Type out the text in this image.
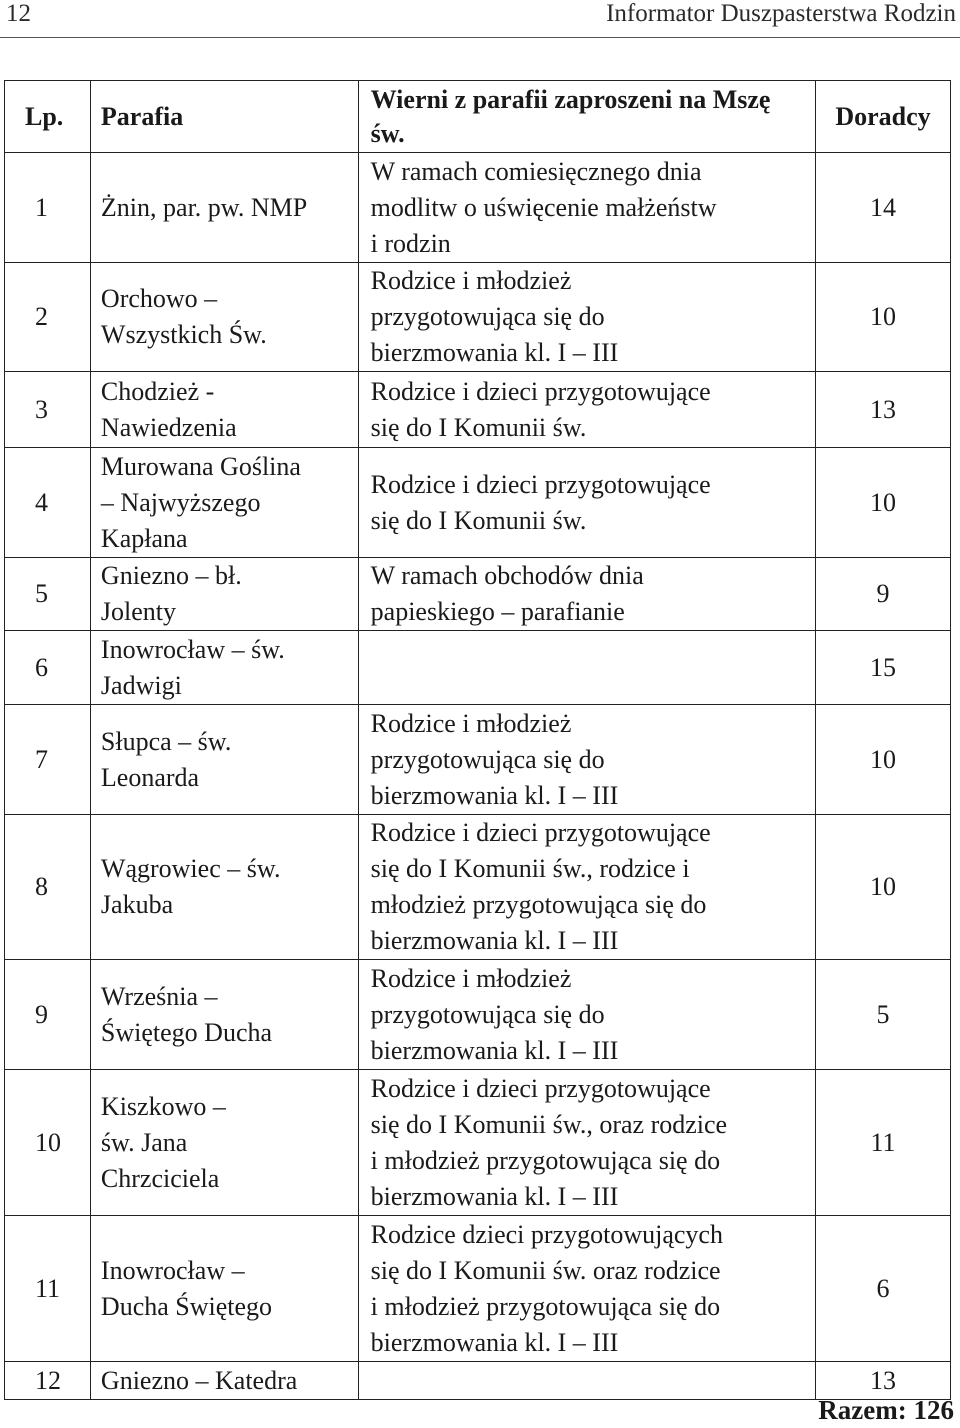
12	Informator Duszpasterstwa Rodzin
Lp.	Parafia	Wierni z parafii zaproszeni na Mszę św.	Doradcy
1	Żnin, par. pw. NMP	W ramach comiesięcznego dnia
modlitw o uświęcenie małżeństw
i rodzin	14
2	Orchowo –
Wszystkich Św.	Rodzice i młodzież
przygotowująca się do
bierzmowania kl. I – III	10
3	Chodzież -
Nawiedzenia	Rodzice i dzieci przygotowujące
się do I Komunii św.	13
4	Murowana Goślina
– Najwyższego
Kapłana	Rodzice i dzieci przygotowujące
się do I Komunii św.	10
5	Gniezno – bł.
Jolenty	W ramach obchodów dnia
papieskiego – parafianie	9
6	Inowrocław – św.
Jadwigi		15
7	Słupca – św.
Leonarda	Rodzice i młodzież
przygotowująca się do
bierzmowania kl. I – III	10
8	Wągrowiec – św.
Jakuba	Rodzice i dzieci przygotowujące
się do I Komunii św., rodzice i
młodzież przygotowująca się do
bierzmowania kl. I – III	10
9	Września –
Świętego Ducha	Rodzice i młodzież
przygotowująca się do
bierzmowania kl. I – III	5
10	Kiszkowo –
św. Jana
Chrzciciela	Rodzice i dzieci przygotowujące
się do I Komunii św., oraz rodzice
i młodzież przygotowująca się do
bierzmowania kl. I – III	11
11	Inowrocław –
Ducha Świętego	Rodzice dzieci przygotowujących
się do I Komunii św. oraz rodzice
i młodzież przygotowująca się do
bierzmowania kl. I – III	6
12	Gniezno – Katedra		13
Razem: 126
